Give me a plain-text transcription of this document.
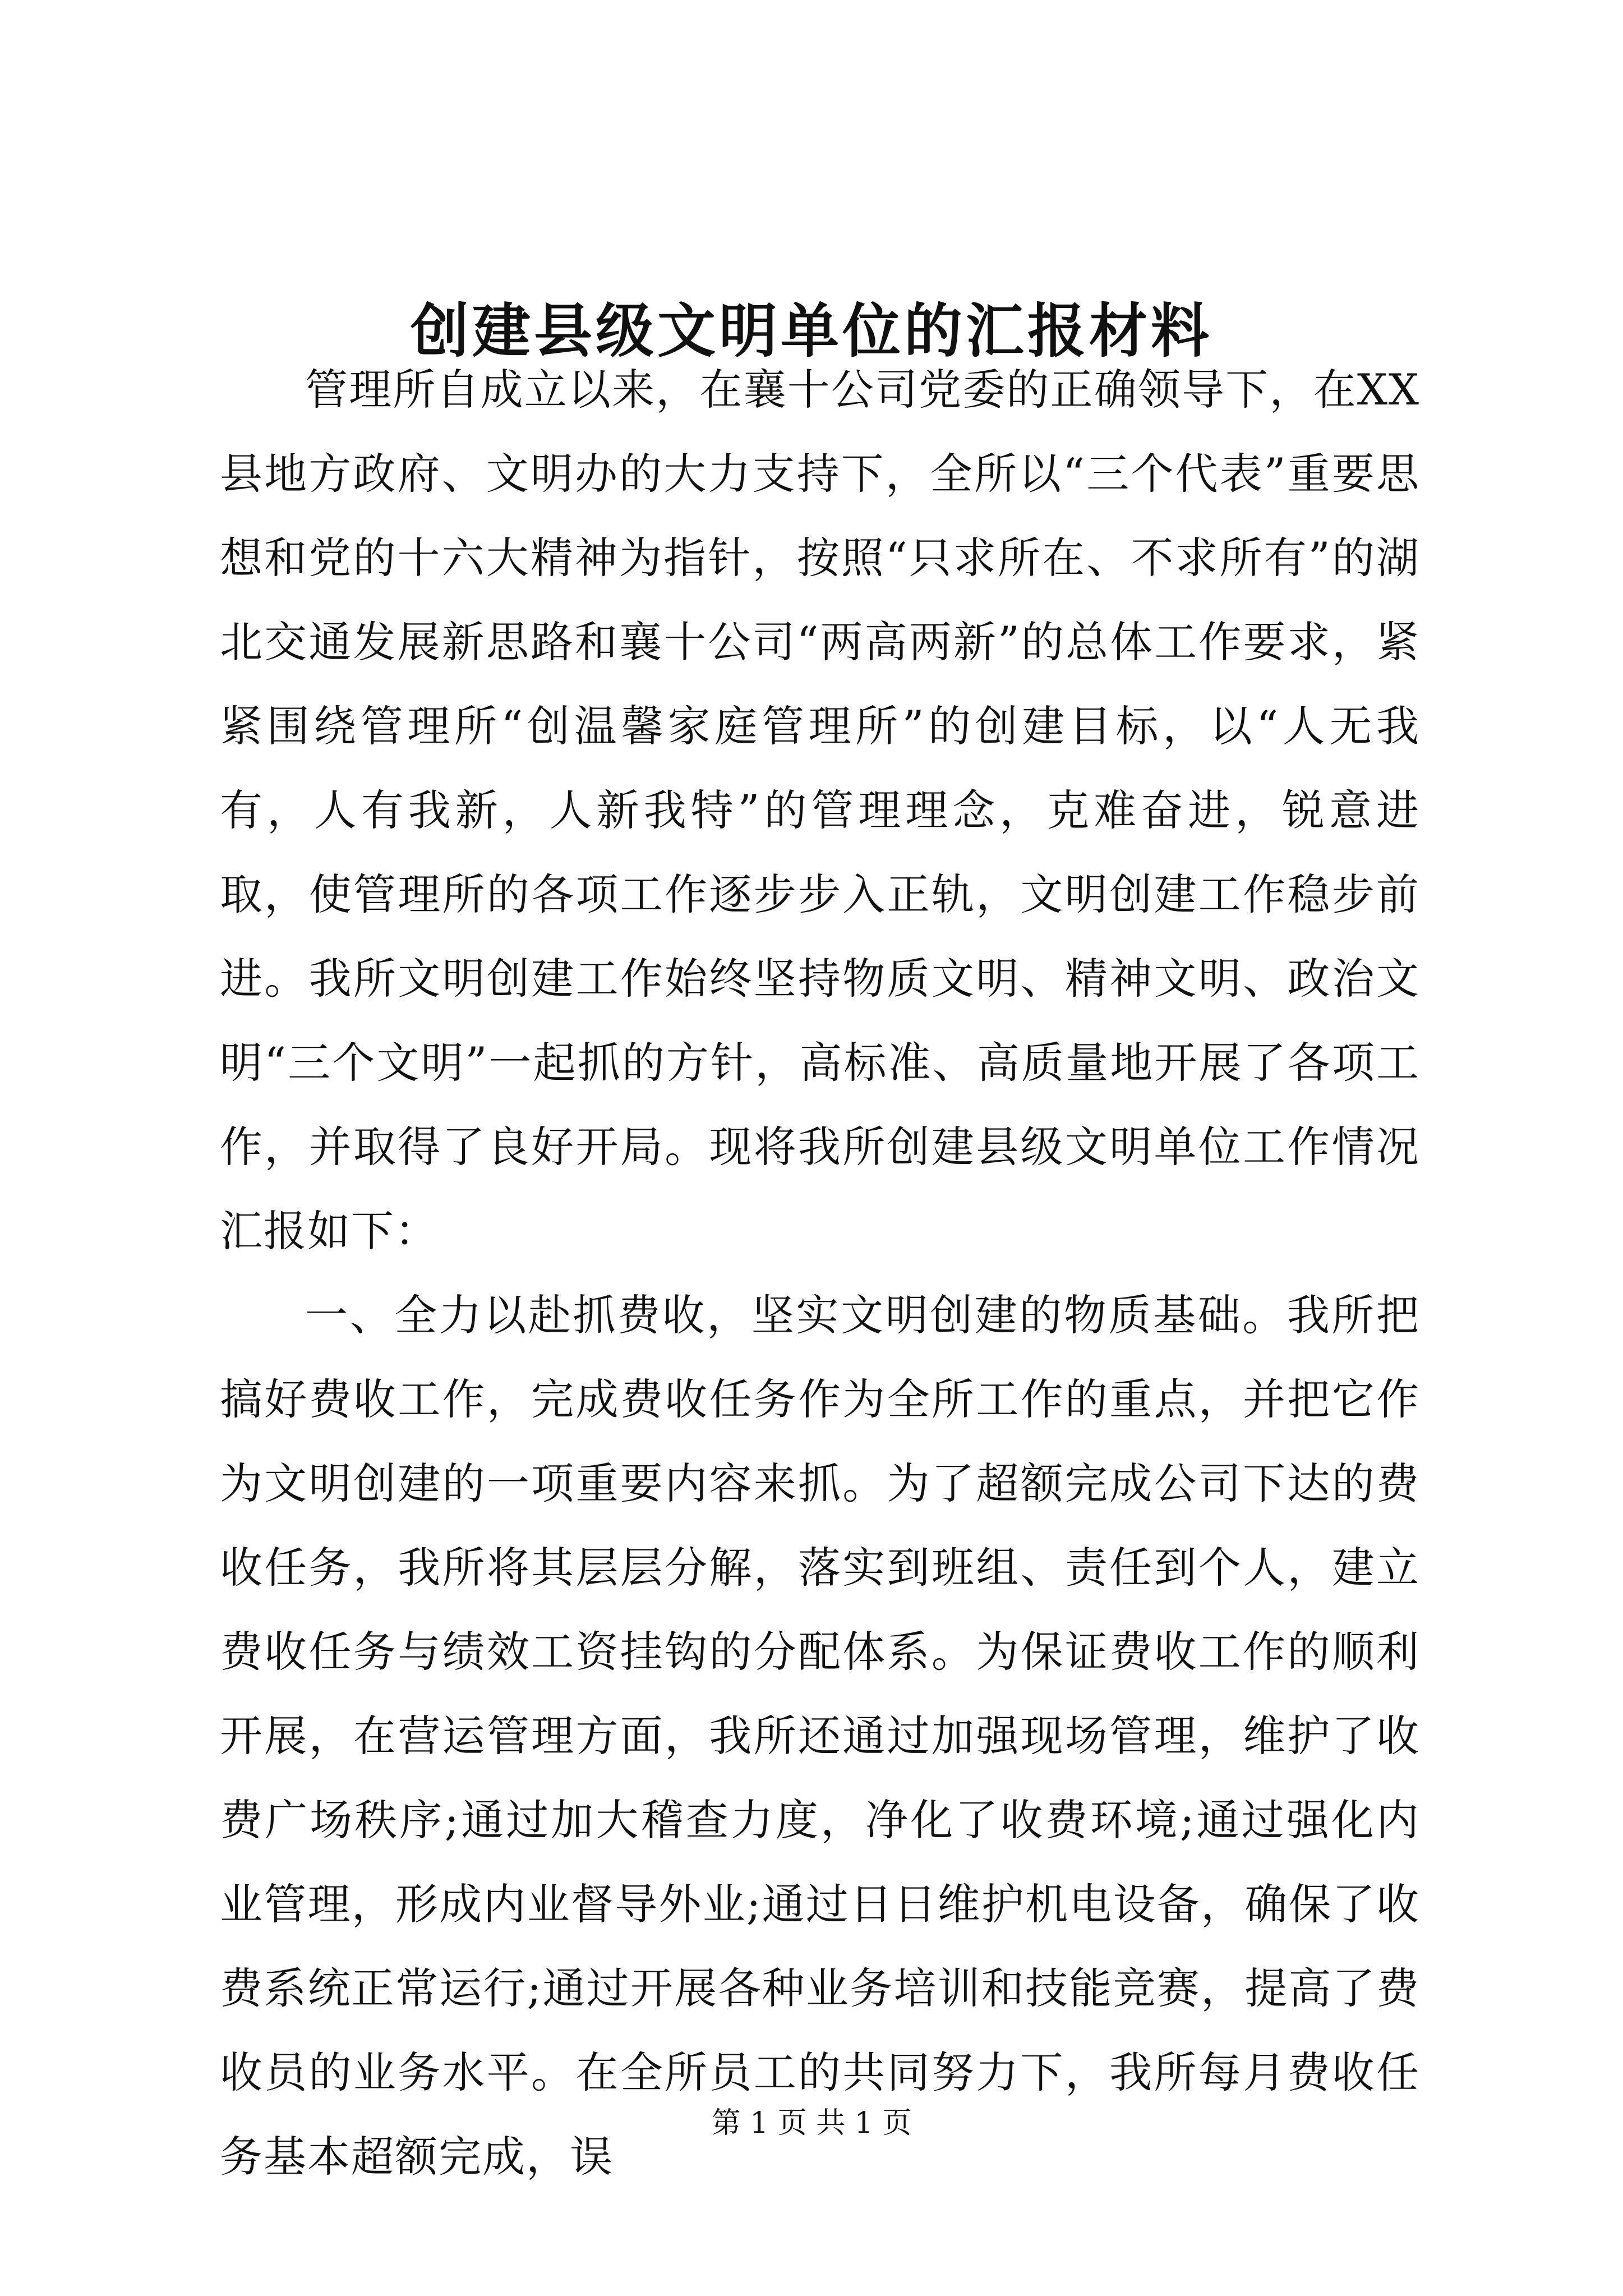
创建县级文明单位的汇报材料

管理所自成立以来，在襄十公司党委的正确领导下，在XX县地方政府、文明办的大力支持下，全所以“三个代表”重要思想和党的十六大精神为指针，按照“只求所在、不求所有”的湖北交通发展新思路和襄十公司“两高两新”的总体工作要求，紧紧围绕管理所“创温馨家庭管理所”的创建目标，以“人无我有，人有我新，人新我特”的管理理念，克难奋进，锐意进取，使管理所的各项工作逐步步入正轨，文明创建工作稳步前进。我所文明创建工作始终坚持物质文明、精神文明、政治文明“三个文明”一起抓的方针，高标准、高质量地开展了各项工作，并取得了良好开局。现将我所创建县级文明单位工作情况汇报如下：

一、全力以赴抓费收，坚实文明创建的物质基础。我所把搞好费收工作，完成费收任务作为全所工作的重点，并把它作为文明创建的一项重要内容来抓。为了超额完成公司下达的费收任务，我所将其层层分解，落实到班组、责任到个人，建立费收任务与绩效工资挂钩的分配体系。为保证费收工作的顺利开展，在营运管理方面，我所还通过加强现场管理，维护了收费广场秩序;通过加大稽查力度，净化了收费环境;通过强化内业管理，形成内业督导外业;通过日日维护机电设备，确保了收费系统正常运行;通过开展各种业务培训和技能竞赛，提高了费收员的业务水平。在全所员工的共同努力下，我所每月费收任务基本超额完成，误

第 1 页 共 1 页
